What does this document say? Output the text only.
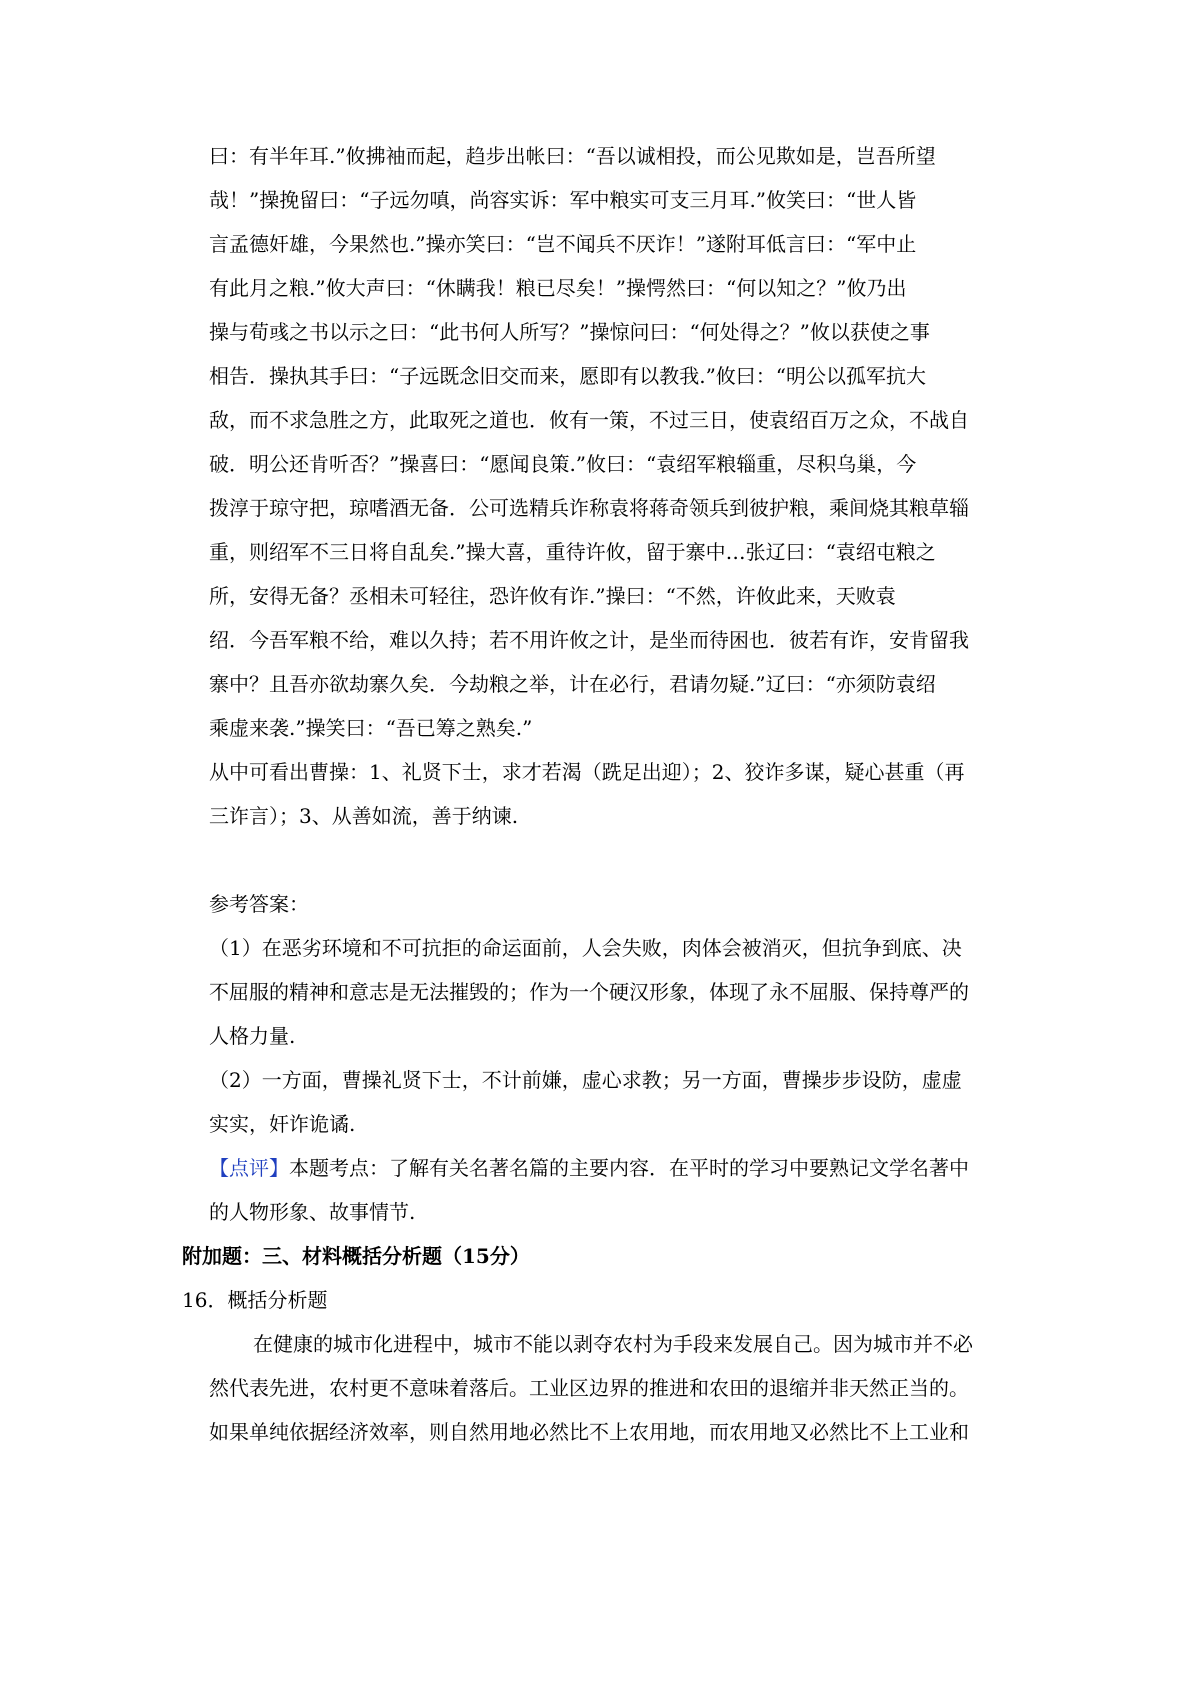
曰：有半年耳.”攸拂袖而起，趋步出帐曰：“吾以诚相投，而公见欺如是，岂吾所望
哉！”操挽留曰：“子远勿嗔，尚容实诉：军中粮实可支三月耳.”攸笑曰：“世人皆
言孟德奸雄，今果然也.”操亦笑曰：“岂不闻兵不厌诈！”遂附耳低言曰：“军中止
有此月之粮.”攸大声曰：“休瞒我！粮已尽矣！”操愕然曰：“何以知之？”攸乃出
操与荀彧之书以示之曰：“此书何人所写？”操惊问曰：“何处得之？”攸以获使之事
相告．操执其手曰：“子远既念旧交而来，愿即有以教我.”攸曰：“明公以孤军抗大
敌，而不求急胜之方，此取死之道也．攸有一策，不过三日，使袁绍百万之众，不战自
破．明公还肯听否？”操喜曰：“愿闻良策.”攸曰：“袁绍军粮辎重，尽积乌巢，今
拨淳于琼守把，琼嗜酒无备．公可选精兵诈称袁将蒋奇领兵到彼护粮，乘间烧其粮草辎
重，则绍军不三日将自乱矣.”操大喜，重待许攸，留于寨中…张辽曰：“袁绍屯粮之
所，安得无备？丞相未可轻往，恐许攸有诈.”操曰：“不然，许攸此来，天败袁
绍．今吾军粮不给，难以久持；若不用许攸之计，是坐而待困也．彼若有诈，安肯留我
寨中？且吾亦欲劫寨久矣．今劫粮之举，计在必行，君请勿疑.”辽曰：“亦须防袁绍
乘虚来袭.”操笑曰：“吾已筹之熟矣.”
从中可看出曹操：1、礼贤下士，求才若渴（跣足出迎）；2、狡诈多谋，疑心甚重（再
三诈言）；3、从善如流，善于纳谏.
参考答案：
（1）在恶劣环境和不可抗拒的命运面前，人会失败，肉体会被消灭，但抗争到底、决
不屈服的精神和意志是无法摧毁的；作为一个硬汉形象，体现了永不屈服、保持尊严的
人格力量.
（2）一方面，曹操礼贤下士，不计前嫌，虚心求教；另一方面，曹操步步设防，虚虚
实实，奸诈诡谲.
【点评】本题考点：了解有关名著名篇的主要内容．在平时的学习中要熟记文学名著中
的人物形象、故事情节.
附加题：三、材料概括分析题（15分）
16．概括分析题
在健康的城市化进程中，城市不能以剥夺农村为手段来发展自己。因为城市并不必
然代表先进，农村更不意味着落后。工业区边界的推进和农田的退缩并非天然正当的。
如果单纯依据经济效率，则自然用地必然比不上农用地，而农用地又必然比不上工业和
